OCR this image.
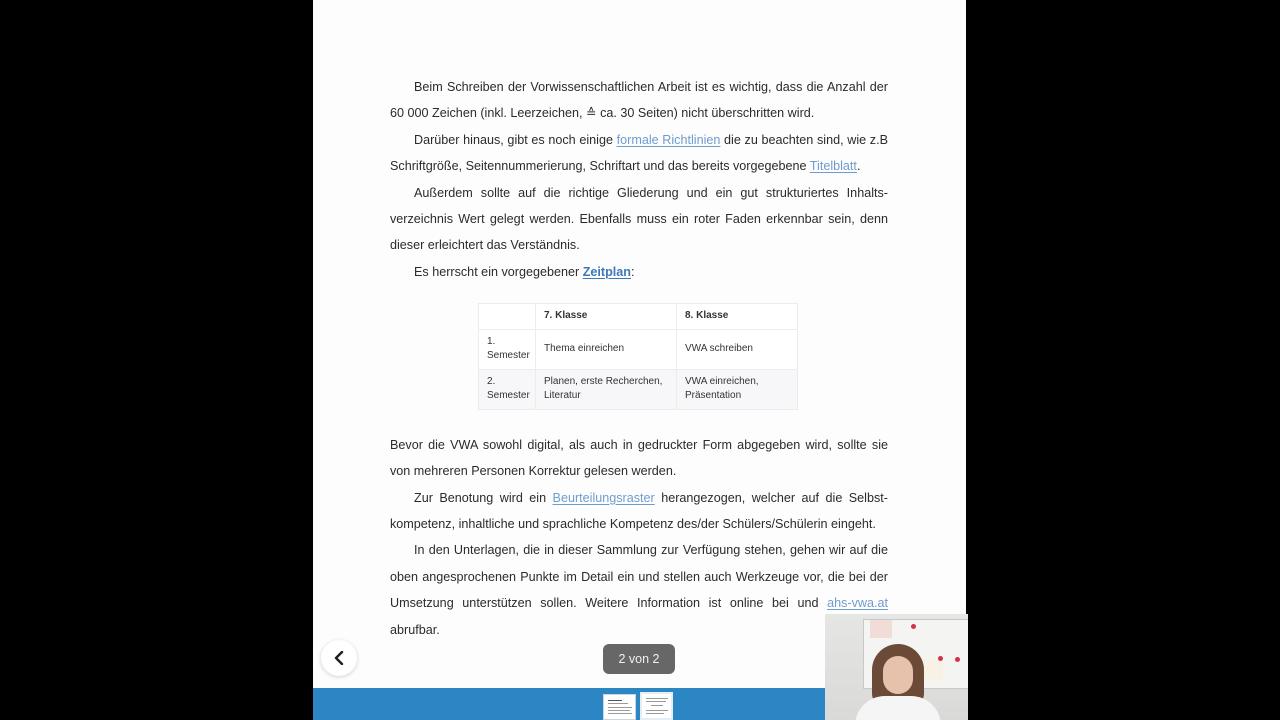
Beim Schreiben der Vorwissenschaftlichen Arbeit ist es wichtig, dass die Anzahl der 60 000 Zeichen (inkl. Leerzeichen, ≙ ca. 30 Seiten) nicht überschritten wird.

Darüber hinaus, gibt es noch einige formale Richtlinien die zu beachten sind, wie z.B Schriftgröße, Seitennummerierung, Schriftart und das bereits vorgegebene Titelblatt.

Außerdem sollte auf die richtige Gliederung und ein gut strukturiertes Inhaltsverzeichnis Wert gelegt werden. Ebenfalls muss ein roter Faden erkennbar sein, denn dieser erleichtert das Verständnis.

Es herrscht ein vorgegebener Zeitplan:

	7. Klasse	8. Klasse
1. Semester	Thema einreichen	VWA schreiben
2. Semester	Planen, erste Recherchen, Literatur	VWA einreichen, Präsentation

Bevor die VWA sowohl digital, als auch in gedruckter Form abgegeben wird, sollte sie von mehreren Personen Korrektur gelesen werden.

Zur Benotung wird ein Beurteilungsraster herangezogen, welcher auf die Selbstkompetenz, inhaltliche und sprachliche Kompetenz des/der Schülers/Schülerin eingeht.

In den Unterlagen, die in dieser Sammlung zur Verfügung stehen, gehen wir auf die oben angesprochenen Punkte im Detail ein und stellen auch Werkzeuge vor, die bei der Umsetzung unterstützen sollen. Weitere Information ist online bei und ahs-vwa.at abrufbar.

2 von 2
